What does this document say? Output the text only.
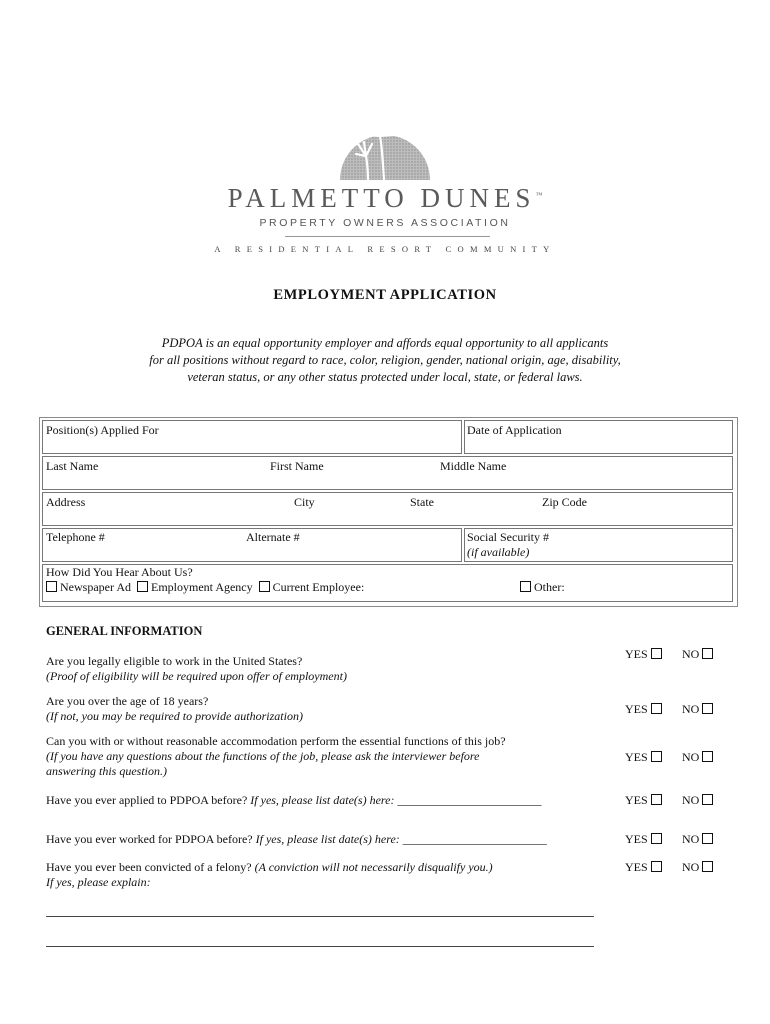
PALMETTO DUNES™
PROPERTY OWNERS ASSOCIATION
A RESIDENTIAL RESORT COMMUNITY
EMPLOYMENT APPLICATION
PDPOA is an equal opportunity employer and affords equal opportunity to all applicants
for all positions without regard to race, color, religion, gender, national origin, age, disability,
veteran status, or any other status protected under local, state, or federal laws.
Position(s) Applied For	Date of Application
Last Name	First Name	Middle Name
Address	City	State	Zip Code
Telephone #	Alternate #	Social Security #
(if available)
How Did You Hear About Us?
Newspaper Ad Employment Agency Current Employee:	Other:
GENERAL INFORMATION
Are you legally eligible to work in the United States?
(Proof of eligibility will be required upon offer of employment)
YES	NO
Are you over the age of 18 years?
(If not, you may be required to provide authorization)	YES	NO
Can you with or without reasonable accommodation perform the essential functions of this job?
(If you have any questions about the functions of the job, please ask the interviewer before
answering this question.)
YES	NO
Have you ever applied to PDPOA before? If yes, please list date(s) here: ________________________	YES	NO
Have you ever worked for PDPOA before? If yes, please list date(s) here: ________________________	YES	NO
Have you ever been convicted of a felony? (A conviction will not necessarily disqualify you.)
If yes, please explain:
YES	NO
